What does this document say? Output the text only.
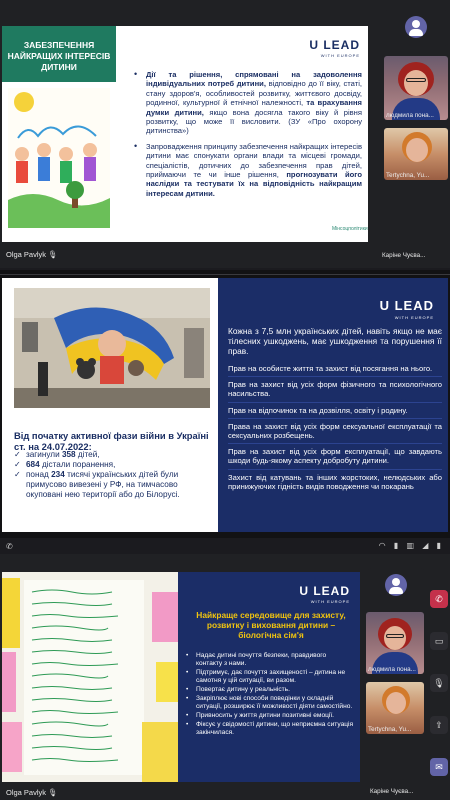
ЗАБЕЗПЕЧЕННЯ НАЙКРАЩИХ ІНТЕРЕСІВ ДИТИНИ
U LEAD
WITH EUROPE
• Дії та рішення, спрямовані на задоволення індивідуальних потреб дитини, відповідно до її віку, статі, стану здоров'я, особливостей розвитку, життєвого досвіду, родинної, культурної й етнічної належності, та врахування думки дитини, якщо вона досягла такого віку й рівня розвитку, що може її висловити. (ЗУ «Про охорону дитинства»)
• Запровадження принципу забезпечення найкращих інтересів дитини має спонукати органи влади та місцеві громади, спеціалістів, дотичних до забезпечення прав дітей, приймаючи те чи інше рішення, прогнозувати його наслідки та тестувати їх на відповідність найкращим інтересам дитини.
Мінсоцполітики
Olga Pavlyk 🎙︎
людмила пона...
Tertychna, Yu...
Каріне Чуєва...
Від початку активної фази війни в Україні ст. на 24.07.2022:
✓ загинули 358 дітей,
✓ 684 дістали поранення,
✓ понад 234 тисячі українських дітей були примусово вивезені у РФ, на тимчасово окуповані нею території або до Білорусі.
U LEAD
WITH EUROPE
Кожна з 7,5 млн українських дітей, навіть якщо не має тілесних ушкоджень, має ушкодження та порушення її прав.
Прав на особисте життя та захист від посягання на нього.
Прав на захист від усіх форм фізичного та психологічного насильства.
Прав на відпочинок та на дозвілля, освіту і родину.
Права на захист від усіх форм сексуальної експлуатації та сексуальних розбещень.
Прав на захист від усіх форм експлуатації, що завдають шкоди будь-якому аспекту добробуту дитини.
Захист від катувань та інших жорстоких, нелюдських або принижуючих гідність видів поводження чи покарань
✆	◠ ▮ ▥ ◢ ▮
U LEAD
WITH EUROPE
Найкраще середовище для захисту, розвитку і виховання дитини – біологічна сім'я
• Надає дитині почуття безпеки, правдивого контакту з нами.
• Підтримує, дає почуття захищеності – дитина не самотня у цій ситуації, ви разом.
• Повертає дитину у реальність.
• Закріплює нові способи поведінки у складній ситуації, розширює її можливості діяти самостійно.
• Привносить у життя дитини позитивні емоції.
• Фіксує у свідомості дитини, що неприємна ситуація закінчилася.
Olga Pavlyk 🎙︎
людмила пона...
Tertychna, Yu...
Каріне Чуєва...
✆
▭
🎙︎
⇪
✉
